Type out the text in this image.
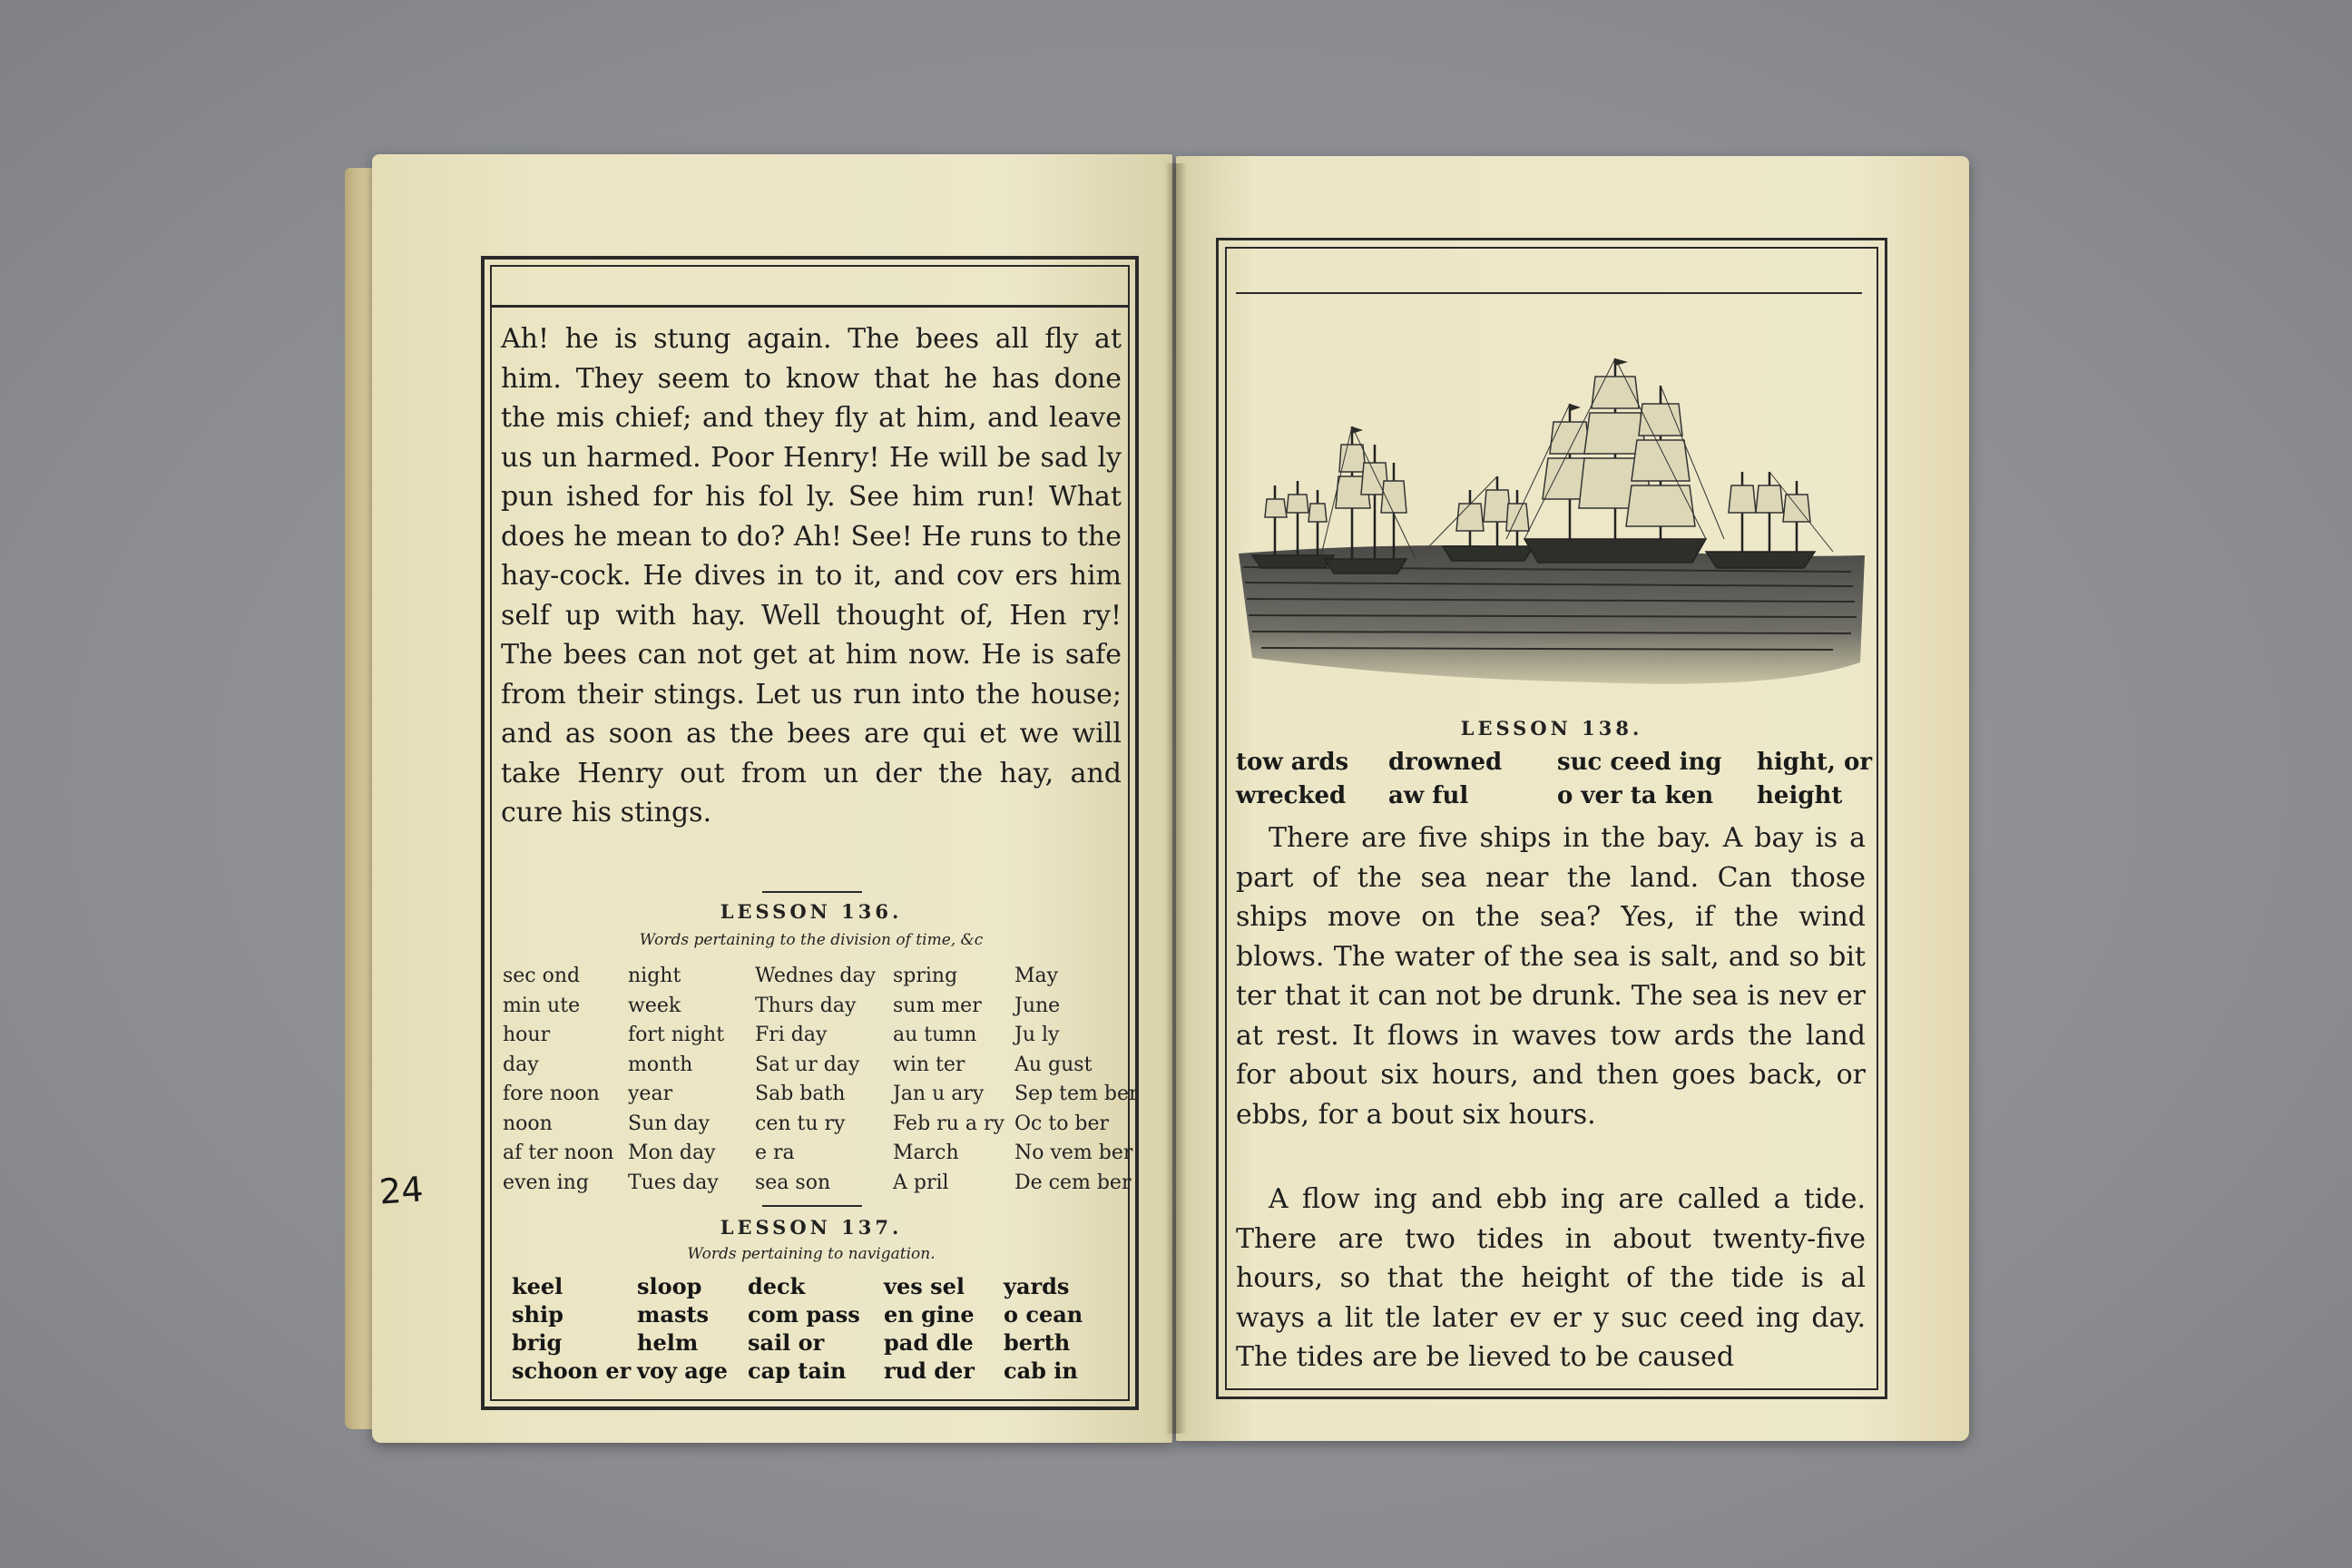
Ah! he is stung again. The bees all fly at him. They seem to know that he has done the mis chief; and they fly at him, and leave us un harmed. Poor Henry! He will be sad ly pun ished for his fol ly. See him run! What does he mean to do? Ah! See! He runs to the hay-cock. He dives in to it, and cov ers him self up with hay. Well thought of, Hen ry! The bees can not get at him now. He is safe from their stings. Let us run into the house; and as soon as the bees are qui et we will take Henry out from un der the hay, and cure his stings.
LESSON 136.
Words pertaining to the division of time, &c
sec ond
min ute
hour
day
fore noon
noon
af ter noon
even ing
night
week
fort night
month
year
Sun day
Mon day
Tues day
Wednes day
Thurs day
Fri day
Sat ur day
Sab bath
cen tu ry
e ra
sea son
spring
sum mer
au tumn
win ter
Jan u ary
Feb ru a ry
March
A pril
May
June
Ju ly
Au gust
Sep tem ber
Oc to ber
No vem ber
De cem ber
LESSON 137.
Words pertaining to navigation.
keel
ship
brig
schoon er
sloop
masts
helm
voy age
deck
com pass
sail or
cap tain
ves sel
en gine
pad dle
rud der
yards
o cean
berth
cab in
24
LESSON 138.
tow ards
wrecked
drowned
aw ful
suc ceed ing
o ver ta ken
hight, or
height
There are five ships in the bay. A bay is a part of the sea near the land. Can those ships move on the sea? Yes, if the wind blows. The water of the sea is salt, and so bit ter that it can not be drunk. The sea is nev er at rest. It flows in waves tow ards the land for about six hours, and then goes back, or ebbs, for a bout six hours.
A flow ing and ebb ing are called a tide. There are two tides in about twenty-five hours, so that the height of the tide is al ways a lit tle later ev er y suc ceed ing day. The tides are be lieved to be caused
